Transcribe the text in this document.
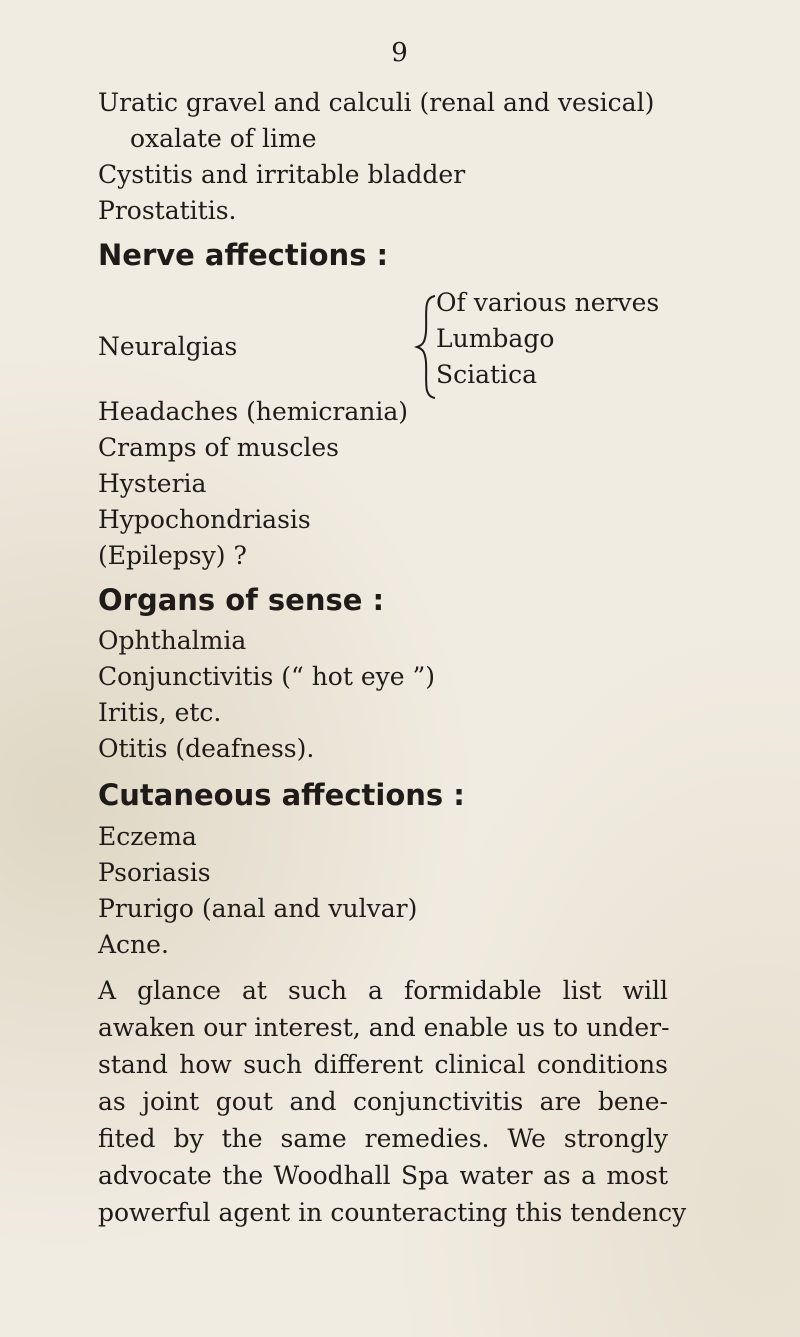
9
Uratic gravel and calculi (renal and vesical)
oxalate of lime
Cystitis and irritable bladder
Prostatitis.
Nerve affections :
Neuralgias
Of various nerves
Lumbago
Sciatica
Headaches (hemicrania)
Cramps of muscles
Hysteria
Hypochondriasis
(Epilepsy) ?
Organs of sense :
Ophthalmia
Conjunctivitis (“ hot eye ”)
Iritis, etc.
Otitis (deafness).
Cutaneous affections :
Eczema
Psoriasis
Prurigo (anal and vulvar)
Acne.
A glance at such a formidable list will
awaken our interest, and enable us to under-
stand how such different clinical conditions
as joint gout and conjunctivitis are bene-
fited by the same remedies. We strongly
advocate the Woodhall Spa water as a most
powerful agent in counteracting this tendency
